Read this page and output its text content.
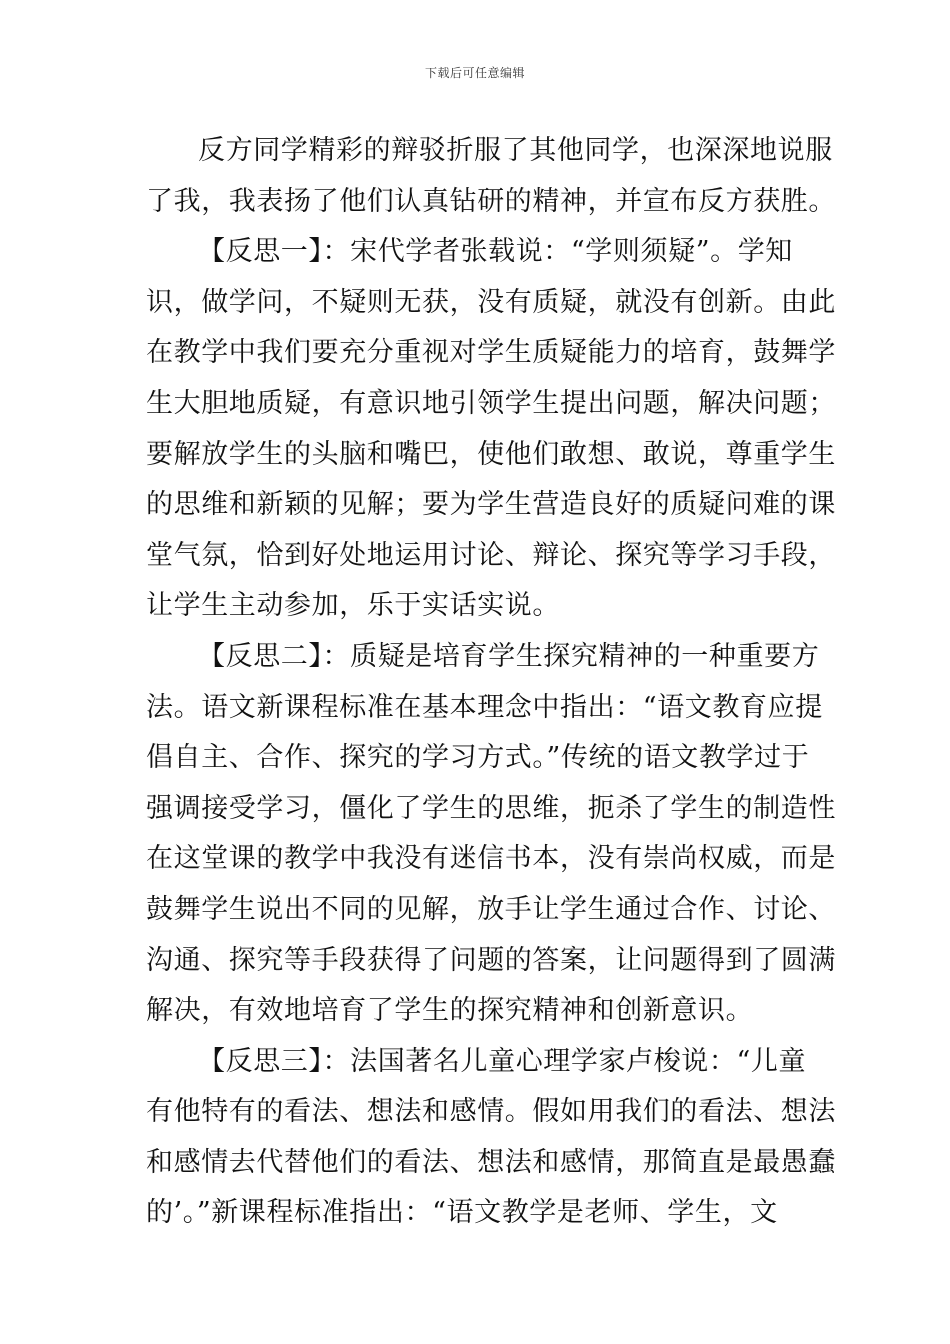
下载后可任意编辑
反方同学精彩的辩驳折服了其他同学，也深深地说服
了我，我表扬了他们认真钻研的精神，并宣布反方获胜。
【反思一】：宋代学者张载说：“学则须疑”。学知
识，做学问，不疑则无获，没有质疑，就没有创新。由此
在教学中我们要充分重视对学生质疑能力的培育，鼓舞学
生大胆地质疑，有意识地引领学生提出问题，解决问题；
要解放学生的头脑和嘴巴，使他们敢想、敢说，尊重学生
的思维和新颖的见解；要为学生营造良好的质疑问难的课
堂气氛，恰到好处地运用讨论、辩论、探究等学习手段，
让学生主动参加，乐于实话实说。
【反思二】：质疑是培育学生探究精神的一种重要方
法。语文新课程标准在基本理念中指出：“语文教育应提
倡自主、合作、探究的学习方式。”传统的语文教学过于
强调接受学习，僵化了学生的思维，扼杀了学生的制造性
在这堂课的教学中我没有迷信书本，没有崇尚权威，而是
鼓舞学生说出不同的见解，放手让学生通过合作、讨论、
沟通、探究等手段获得了问题的答案，让问题得到了圆满
解决，有效地培育了学生的探究精神和创新意识。
【反思三】：法国著名儿童心理学家卢梭说：“儿童
有他特有的看法、想法和感情。假如用我们的看法、想法
和感情去代替他们的看法、想法和感情，那简直是最愚蠢
的’。”新课程标准指出：“语文教学是老师、学生，文
